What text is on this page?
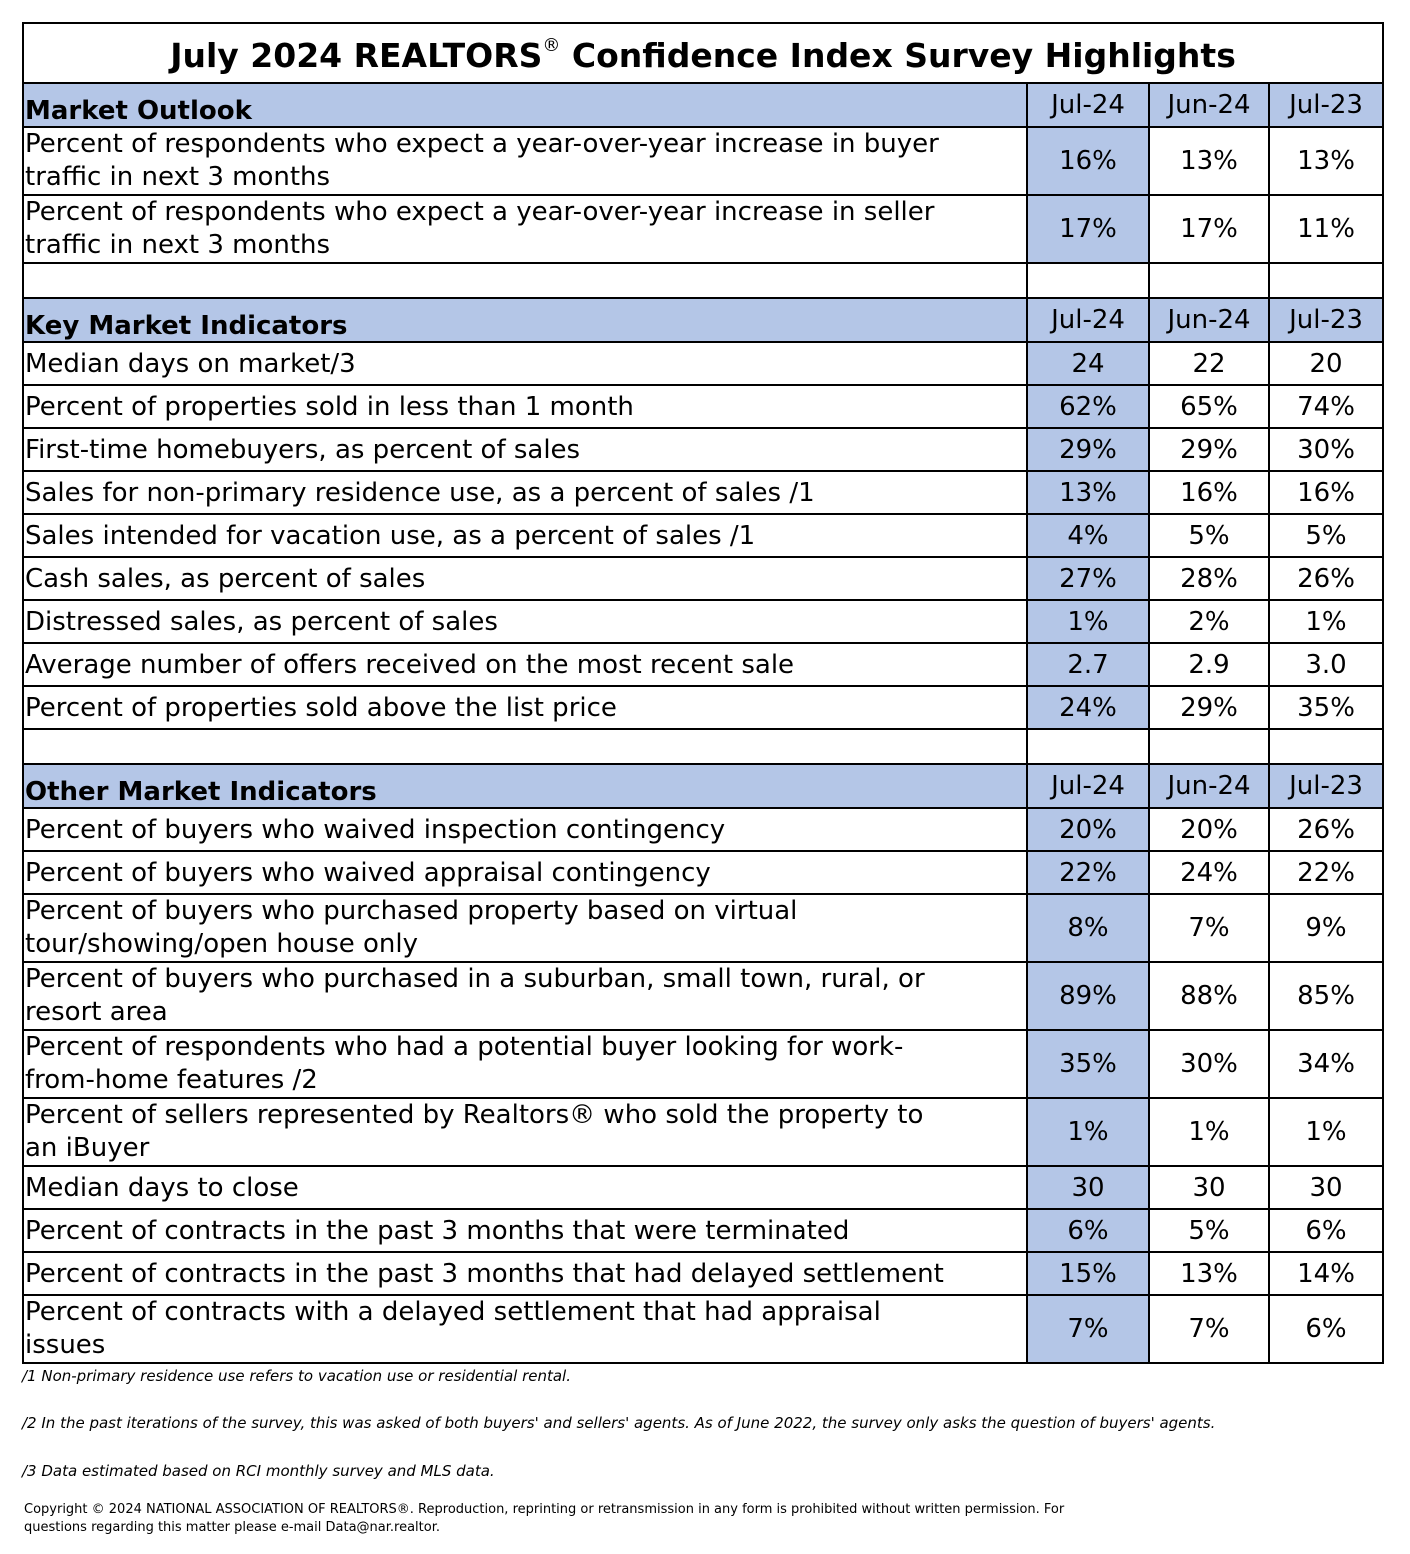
July 2024 REALTORS® Confidence Index Survey Highlights			
Market Outlook	Jul-24	Jun-24	Jul-23
Percent of respondents who expect a year-over-year increase in buyer
traffic in next 3 months	16%	13%	13%
Percent of respondents who expect a year-over-year increase in seller
traffic in next 3 months	17%	17%	11%

Key Market Indicators	Jul-24	Jun-24	Jul-23
Median days on market/3	24	22	20
Percent of properties sold in less than 1 month	62%	65%	74%
First-time homebuyers, as percent of sales	29%	29%	30%
Sales for non-primary residence use, as a percent of sales /1	13%	16%	16%
Sales intended for vacation use, as a percent of sales /1	4%	5%	5%
Cash sales, as percent of sales	27%	28%	26%
Distressed sales, as percent of sales	1%	2%	1%
Average number of offers received on the most recent sale	2.7	2.9	3.0
Percent of properties sold above the list price	24%	29%	35%

Other Market Indicators	Jul-24	Jun-24	Jul-23
Percent of buyers who waived inspection contingency	20%	20%	26%
Percent of buyers who waived appraisal contingency	22%	24%	22%
Percent of buyers who purchased property based on virtual
tour/showing/open house only	8%	7%	9%
Percent of buyers who purchased in a suburban, small town, rural, or
resort area	89%	88%	85%
Percent of respondents who had a potential buyer looking for work-
from-home features /2	35%	30%	34%
Percent of sellers represented by Realtors® who sold the property to
an iBuyer	1%	1%	1%
Median days to close	30	30	30
Percent of contracts in the past 3 months that were terminated	6%	5%	6%
Percent of contracts in the past 3 months that had delayed settlement	15%	13%	14%
Percent of contracts with a delayed settlement that had appraisal
issues	7%	7%	6%
/1 Non-primary residence use refers to vacation use or residential rental.
/2 In the past iterations of the survey, this was asked of both buyers' and sellers' agents. As of June 2022, the survey only asks the question of buyers' agents.
/3 Data estimated based on RCI monthly survey and MLS data.
Copyright © 2024 NATIONAL ASSOCIATION OF REALTORS®. Reproduction, reprinting or retransmission in any form is prohibited without written permission. For questions regarding this matter please e-mail Data@nar.realtor.
